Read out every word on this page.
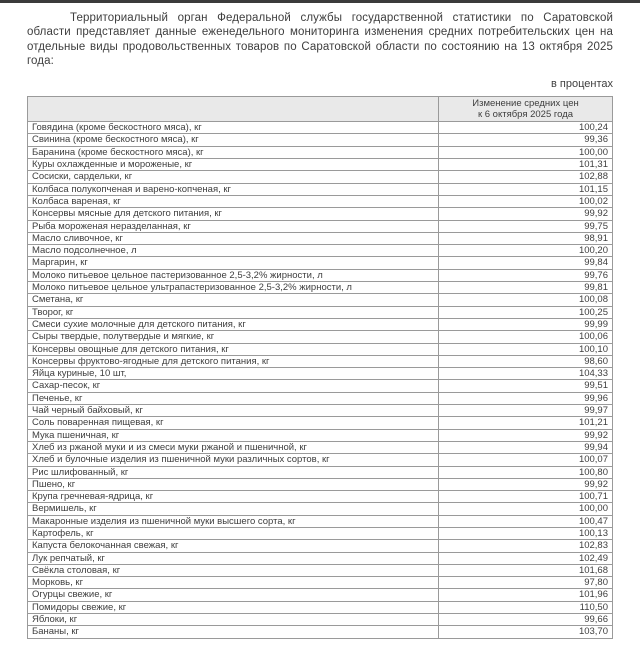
Территориальный орган Федеральной службы государственной статистики по Саратовской области представляет данные еженедельного мониторинга изменения средних потребительских цен на отдельные виды продовольственных товаров по Саратовской области по состоянию на 13 октября 2025 года:

в процентах

	Изменение средних цен
к 6 октября 2025 года

Говядина (кроме бескостного мяса), кг	100,24
Свинина (кроме бескостного мяса), кг	99,36
Баранина (кроме бескостного мяса), кг	100,00
Куры охлажденные и мороженые, кг	101,31
Сосиски, сардельки, кг	102,88
Колбаса полукопченая и варено-копченая, кг	101,15
Колбаса вареная, кг	100,02
Консервы мясные для детского питания, кг	99,92
Рыба мороженая неразделанная, кг	99,75
Масло сливочное, кг	98,91
Масло подсолнечное, л	100,20
Маргарин, кг	99,84
Молоко питьевое цельное пастеризованное 2,5-3,2% жирности, л	99,76
Молоко питьевое цельное ультрапастеризованное 2,5-3,2% жирности, л	99,81
Сметана, кг	100,08
Творог, кг	100,25
Смеси сухие молочные для детского питания, кг	99,99
Сыры твердые, полутвердые и мягкие, кг	100,06
Консервы овощные для детского питания, кг	100,10
Консервы фруктово-ягодные для детского питания, кг	98,60
Яйца куриные, 10 шт,	104,33
Сахар-песок, кг	99,51
Печенье, кг	99,96
Чай черный байховый, кг	99,97
Соль поваренная пищевая, кг	101,21
Мука пшеничная, кг	99,92
Хлеб из ржаной муки и из смеси муки ржаной и пшеничной, кг	99,94
Хлеб и булочные изделия из пшеничной муки различных сортов, кг	100,07
Рис шлифованный, кг	100,80
Пшено, кг	99,92
Крупа гречневая-ядрица, кг	100,71
Вермишель, кг	100,00
Макаронные изделия из пшеничной муки высшего сорта, кг	100,47
Картофель, кг	100,13
Капуста белокочанная свежая, кг	102,83
Лук репчатый, кг	102,49
Свёкла столовая, кг	101,68
Морковь, кг	97,80
Огурцы свежие, кг	101,96
Помидоры свежие, кг	110,50
Яблоки, кг	99,66
Бананы, кг	103,70
